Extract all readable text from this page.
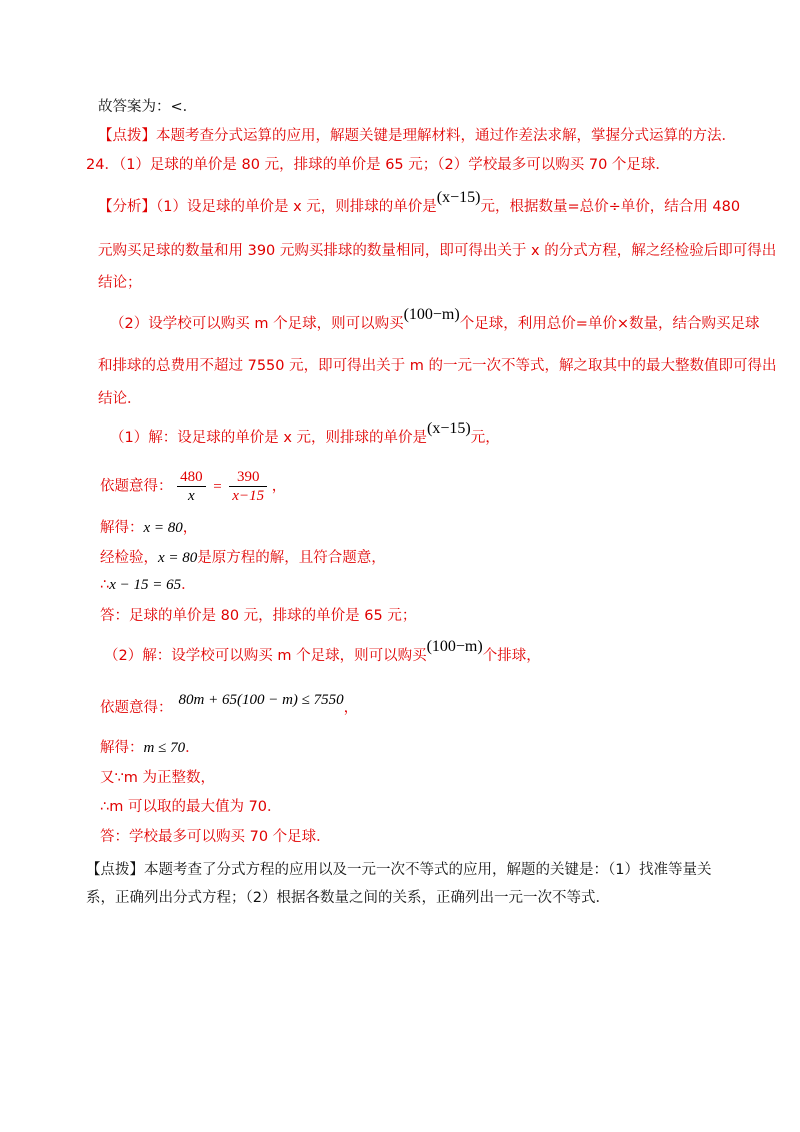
故答案为：<．
【点拨】本题考查分式运算的应用，解题关键是理解材料，通过作差法求解，掌握分式运算的方法．
24．（1）足球的单价是 80 元，排球的单价是 65 元；（2）学校最多可以购买 70 个足球．
【分析】（1）设足球的单价是 x 元，则排球的单价是(x−15)元，根据数量=总价÷单价，结合用 480
元购买足球的数量和用 390 元购买排球的数量相同，即可得出关于 x 的分式方程，解之经检验后即可得出
结论；
（2）设学校可以购买 m 个足球，则可以购买(100−m)个足球，利用总价=单价×数量，结合购买足球
和排球的总费用不超过 7550 元，即可得出关于 m 的一元一次不等式，解之取其中的最大整数值即可得出
结论．
（1）解：设足球的单价是 x 元，则排球的单价是(x−15)元，
依题意得： $\frac{480}{x} = \frac{390}{x-15}$ ，
解得：x = 80，
经检验，x = 80是原方程的解，且符合题意，
∴x − 15 = 65．
答：足球的单价是 80 元，排球的单价是 65 元；
（2）解：设学校可以购买 m 个足球，则可以购买(100−m)个排球，
依题意得： 80m + 65(100 − m) ≤ 7550，
解得：m ≤ 70．
又∵m 为正整数，
∴m 可以取的最大值为 70．
答：学校最多可以购买 70 个足球．
【点拨】本题考查了分式方程的应用以及一元一次不等式的应用，解题的关键是：（1）找准等量关
系，正确列出分式方程；（2）根据各数量之间的关系，正确列出一元一次不等式．
